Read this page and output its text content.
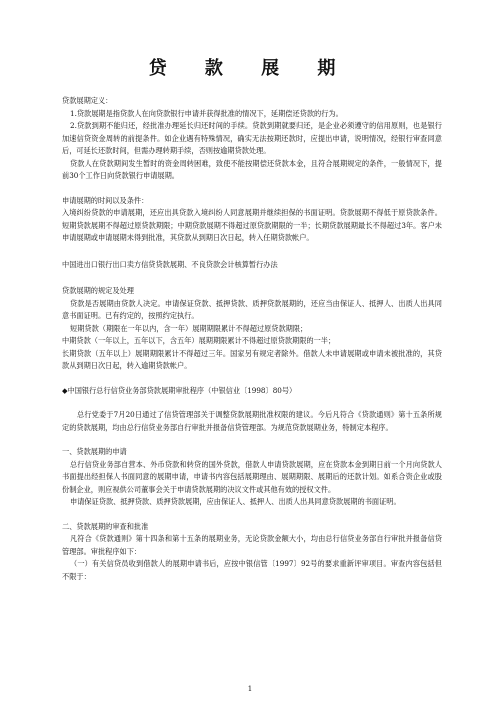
贷 款 展 期

贷款展期定义：

1.贷款展期是指贷款人在向贷款银行申请并获得批准的情况下，延期偿还贷款的行为。

2.贷款到期不能归还，经批准办理延长归还时间的手续。贷款到期就要归还，是企业必须遵守的信用原则，也是银行加速信贷资金周转的前提条件。如企业遇有特殊情况，确实无法按期还款时，应提出申请，说明情况，经银行审查同意后，可延长还款时间，但需办理转期手续，否则按逾期贷款处理。

贷款人在贷款期间发生暂时的资金周转困难，致使不能按期偿还贷款本金，且符合展期规定的条件，一般情况下，提前30个工作日向贷款银行申请展期。

申请展期的时间以及条件：

入境纠纷贷款的申请展期，还应出具贷款入境纠纷人同意展期并继续担保的书面证明。贷款展期不得低于原贷款条件。短期贷款展期不得超过原贷款期限；中期贷款展期不得超过原贷款期限的一半；长期贷款展期最长不得超过3年。客户未申请展期或申请展期未得到批准，其贷款从到期日次日起，转入任期贷款帐户。

中国进出口银行出口卖方信贷贷款展期、不良贷款会计核算暂行办法

贷款展期的规定及处理

贷款是否展期由贷款人决定。申请保证贷款、抵押贷款、质押贷款展期的，还应当由保证人、抵押人、出质人出具同意书面证明。已有约定的，按照约定执行。

短期贷款（期限在一年以内，含一年）展期期限累计不得超过原贷款期限；

中期贷款（一年以上，五年以下，含五年）展期期限累计不得超过原贷款期限的一半；

长期贷款（五年以上）展期期限累计不得超过三年。国家另有规定者除外。借款人未申请展期或申请未被批准的，其贷款从到期日次日起，转入逾期贷款帐户。

◆中国银行总行信贷业务部贷款展期审批程序（中银信业〔1998〕80号）

总行党委于7月20日通过了信贷管理部关于调整贷款展期批准权限的建议。今后凡符合《贷款通则》第十五条所规定的贷款展期，均由总行信贷业务部自行审批并报备信贷管理部。为规范贷款展期业务，特制定本程序。

一、贷款展期的申请

总行信贷业务部自营本、外币贷款和转贷的国外贷款，借款人申请贷款展期，应在贷款本金到期日前一个月向贷款人书面提出经担保人书面同意的展期申请，申请书内容包括展期理由、展期期限、展期后的还款计划。如系合资企业或股份制企业，则应视供公司董事会关于申请贷款展期的决议文件或其他有效的授权文件。

申请保证贷款、抵押贷款、质押贷款展期，应由保证人、抵押人、出质人出具同意贷款展期的书面证明。

二、贷款展期的审查和批准

凡符合《贷款通则》第十四条和第十五条的展期业务，无论贷款金额大小，均由总行信贷业务部自行审批并报备信贷管理部。审批程序如下：

（一）有关信贷员收到借款人的展期申请书后，应按中银信管〔1997〕92号的要求重新评审项目。审查内容包括但不限于：

1
